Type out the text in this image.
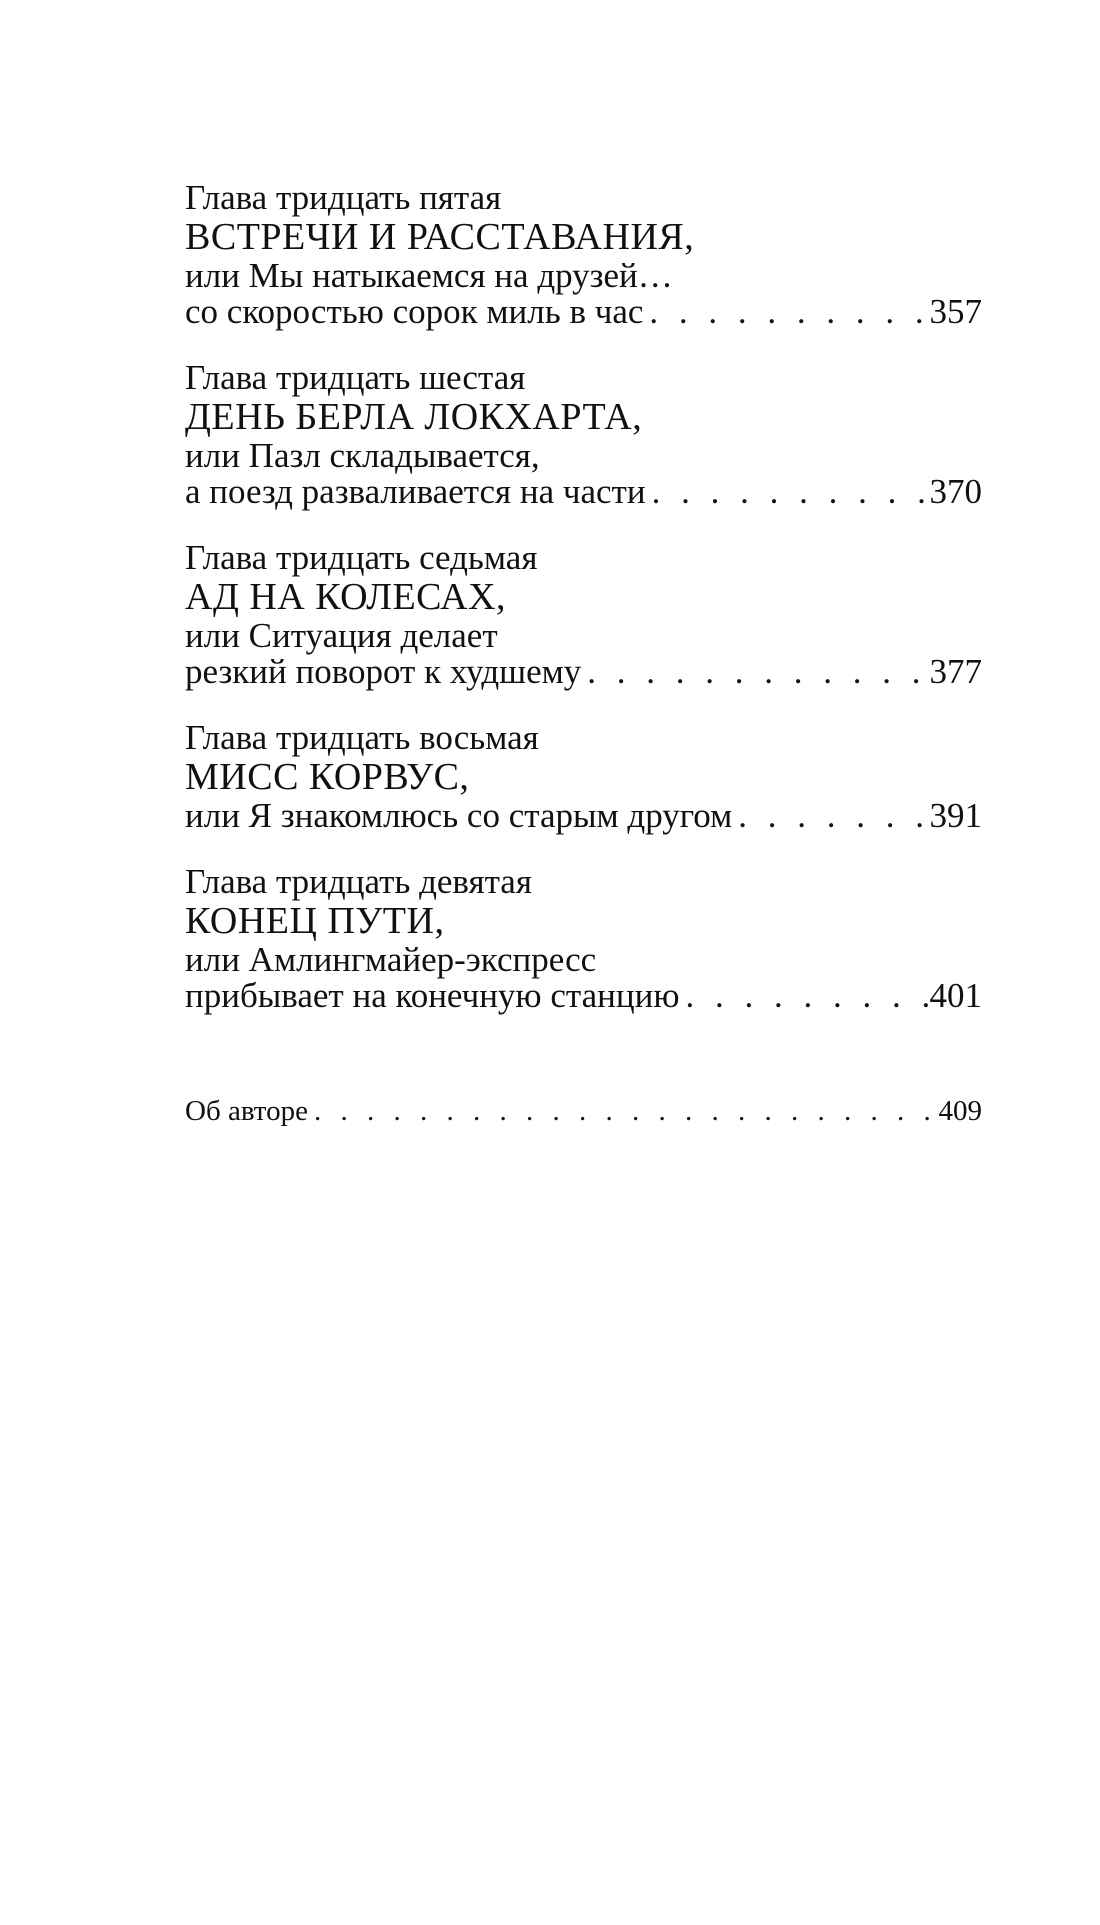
Глава тридцать пятая
ВСТРЕЧИ И РАССТАВАНИЯ,
или Мы натыкаемся на друзей…
со скоростью сорок миль в час . . .	357
Глава тридцать шестая
ДЕНЬ БЕРЛА ЛОКХАРТА,
или Пазл складывается,
а поезд разваливается на части . . .	370
Глава тридцать седьмая
АД НА КОЛЕСАХ,
или Ситуация делает
резкий поворот к худшему . . .	377
Глава тридцать восьмая
МИСС КОРВУС,
или Я знакомлюсь со старым другом . . .	391
Глава тридцать девятая
КОНЕЦ ПУТИ,
или Амлингмайер-экспресс
прибывает на конечную станцию . . .	401
Об авторе . . .	409
